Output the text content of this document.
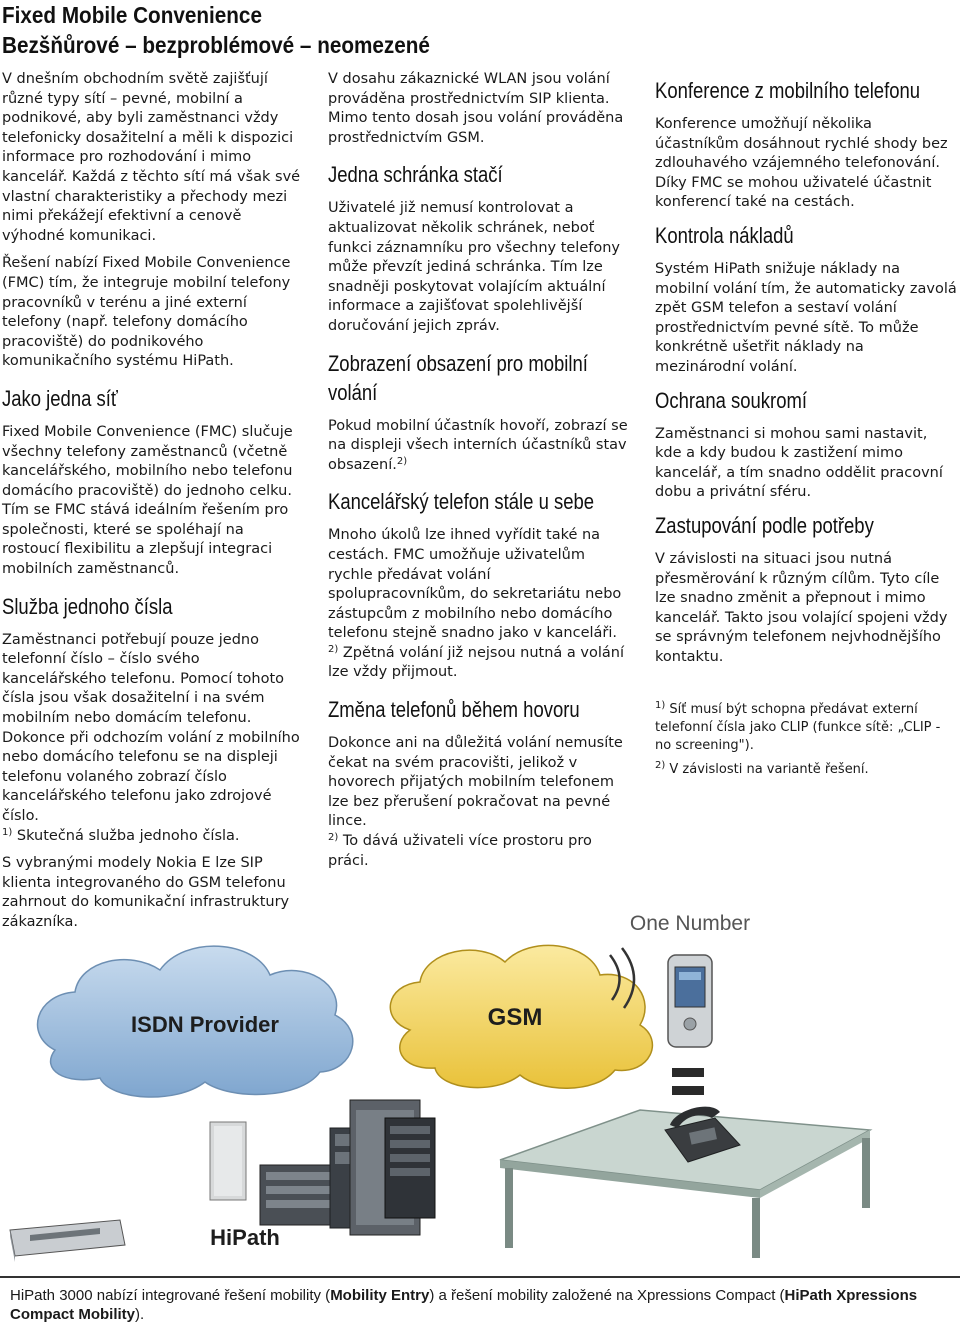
Fixed Mobile Convenience
Bezšňůrové – bezproblémové – neomezené

V dnešním obchodním světě zajišťují různé typy sítí – pevné, mobilní a podnikové, aby byli zaměstnanci vždy telefonicky dosažitelní a měli k dispozici informace pro rozhodování i mimo kancelář. Každá z těchto sítí má však své vlastní charakteristiky a přechody mezi nimi překážejí efektivní a cenově výhodné komunikaci.

Řešení nabízí Fixed Mobile Convenience (FMC) tím, že integruje mobilní telefony pracovníků v terénu a jiné externí telefony (např. telefony domácího pracoviště) do podnikového komunikačního systému HiPath.

Jako jedna síť

Fixed Mobile Convenience (FMC) slučuje všechny telefony zaměstnanců (včetně kancelářského, mobilního nebo telefonu domácího pracoviště) do jednoho celku. Tím se FMC stává ideálním řešením pro společnosti, které se spoléhají na rostoucí flexibilitu a zlepšují integraci mobilních zaměstnanců.

Služba jednoho čísla

Zaměstnanci potřebují pouze jedno telefonní číslo – číslo svého kancelářského telefonu. Pomocí tohoto čísla jsou však dosažitelní i na svém mobilním nebo domácím telefonu. Dokonce při odchozím volání z mobilního nebo domácího telefonu se na displeji telefonu volaného zobrazí číslo kancelářského telefonu jako zdrojové číslo.
$^{1)}$ Skutečná služba jednoho čísla.

S vybranými modely Nokia E lze SIP klienta integrovaného do GSM telefonu zahrnout do komunikační infrastruktury zákazníka.

V dosahu zákaznické WLAN jsou volání prováděna prostřednictvím SIP klienta. Mimo tento dosah jsou volání prováděna prostřednictvím GSM.

Jedna schránka stačí

Uživatelé již nemusí kontrolovat a aktualizovat několik schránek, neboť funkci záznamníku pro všechny telefony může převzít jediná schránka. Tím lze snadněji poskytovat volajícím aktuální informace a zajišťovat spolehlivější doručování jejich zpráv.

Zobrazení obsazení pro mobilní volání

Pokud mobilní účastník hovoří, zobrazí se na displeji všech interních účastníků stav obsazení.$^{2)}$

Kancelářský telefon stále u sebe

Mnoho úkolů lze ihned vyřídit také na cestách. FMC umožňuje uživatelům rychle předávat volání spolupracovníkům, do sekretariátu nebo zástupcům z mobilního nebo domácího telefonu stejně snadno jako v kanceláři.
$^{2)}$ Zpětná volání již nejsou nutná a volání lze vždy přijmout.

Změna telefonů během hovoru

Dokonce ani na důležitá volání nemusíte čekat na svém pracovišti, jelikož v hovorech přijatých mobilním telefonem lze bez přerušení pokračovat na pevné lince.
$^{2)}$ To dává uživateli více prostoru pro práci.

Konference z mobilního telefonu

Konference umožňují několika účastníkům dosáhnout rychlé shody bez zdlouhavého vzájemného telefonování. Díky FMC se mohou uživatelé účastnit konferencí také na cestách.

Kontrola nákladů

Systém HiPath snižuje náklady na mobilní volání tím, že automaticky zavolá zpět GSM telefon a sestaví volání prostřednictvím pevné sítě. To může konkrétně ušetřit náklady na mezinárodní volání.

Ochrana soukromí

Zaměstnanci si mohou sami nastavit, kde a kdy budou k zastižení mimo kancelář, a tím snadno oddělit pracovní dobu a privátní sféru.

Zastupování podle potřeby

V závislosti na situaci jsou nutná přesměrování k různým cílům. Tyto cíle lze snadno změnit a přepnout i mimo kancelář. Takto jsou volající spojeni vždy se správným telefonem nejvhodnějšího kontaktu.

$^{1)}$ Síť musí být schopna předávat externí telefonní čísla jako CLIP (funkce sítě: „CLIP - no screening").

$^{2)}$ V závislosti na variantě řešení.

ISDN Provider	GSM
One Number
HiPath
HiPath 3000 nabízí integrované řešení mobility (Mobility Entry) a řešení mobility založené na Xpressions Compact (HiPath Xpressions Compact Mobility).
